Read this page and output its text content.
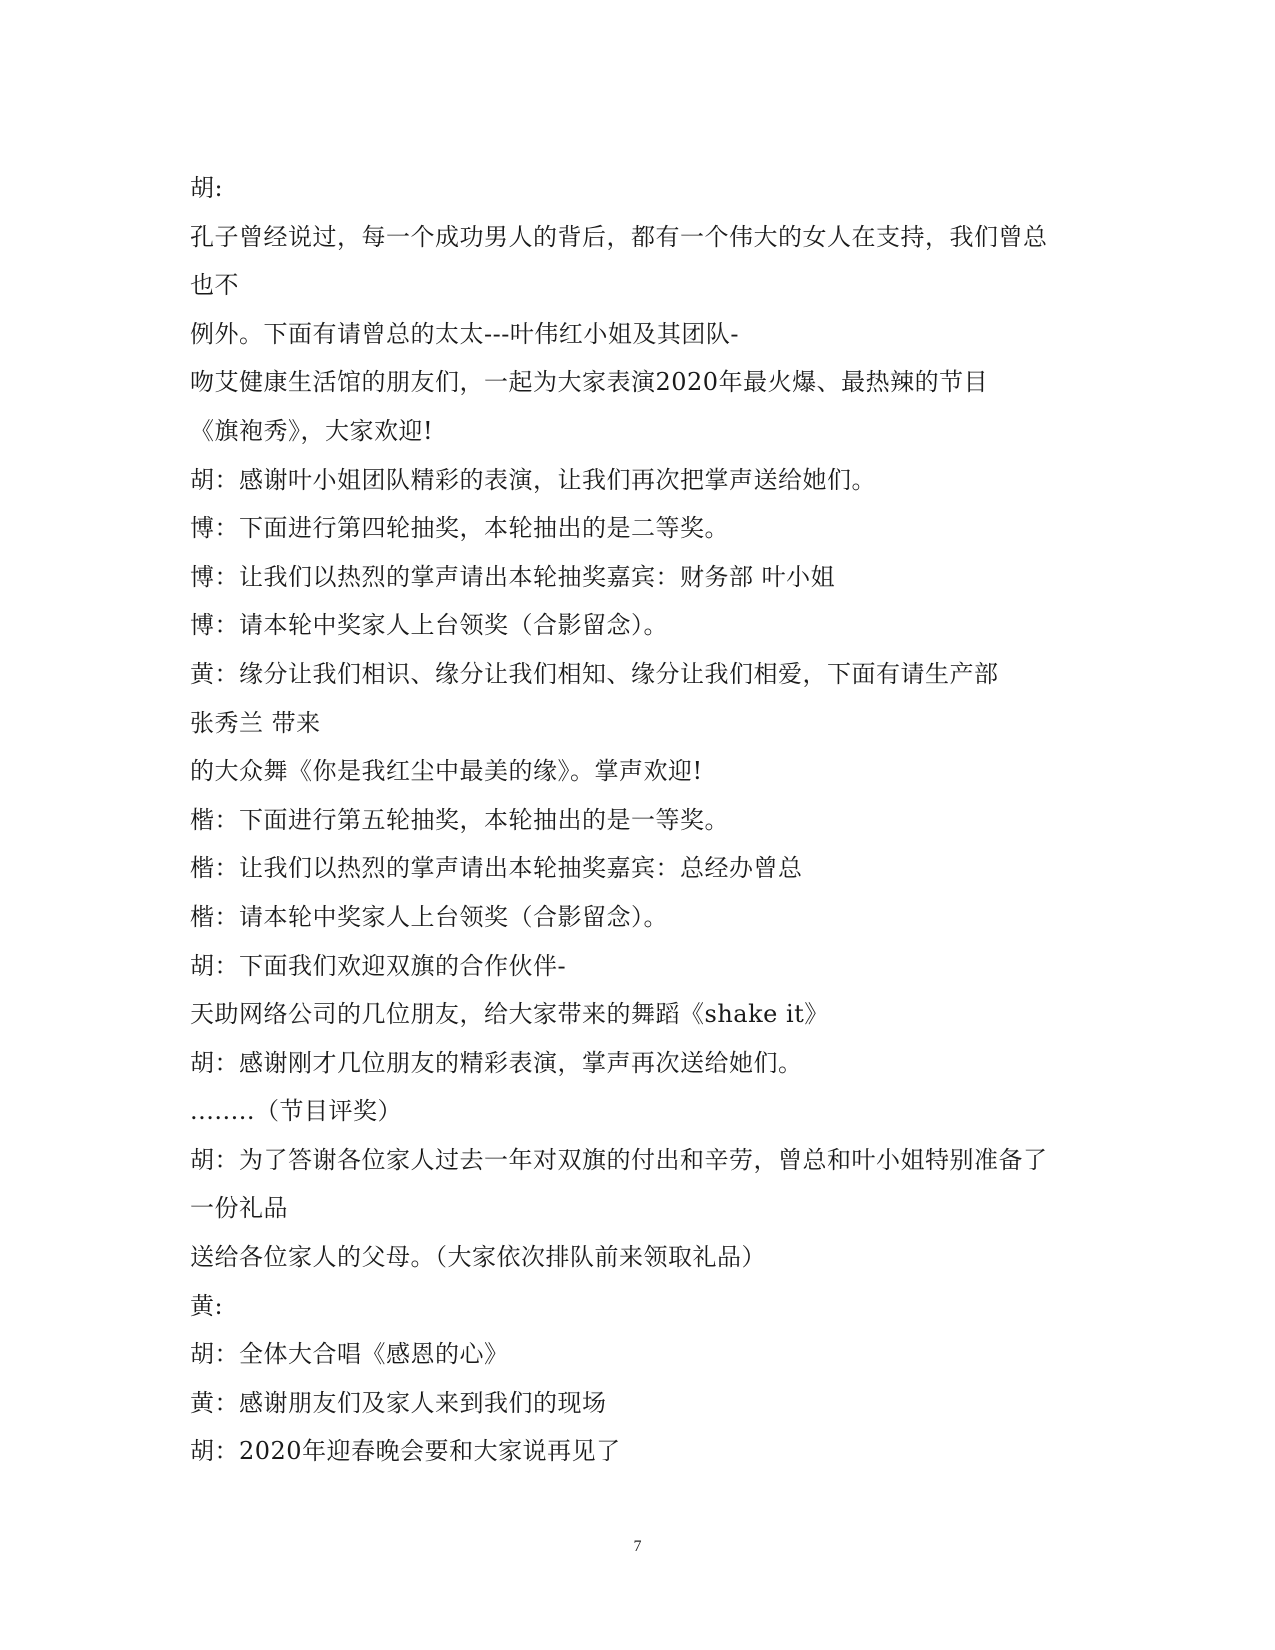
胡:
孔子曾经说过，每一个成功男人的背后，都有一个伟大的女人在支持，我们曾总
也不
例外。下面有请曾总的太太---叶伟红小姐及其团队-
吻艾健康生活馆的朋友们，一起为大家表演2020年最火爆、最热辣的节目
《旗袍秀》，大家欢迎!
胡：感谢叶小姐团队精彩的表演，让我们再次把掌声送给她们。
博：下面进行第四轮抽奖，本轮抽出的是二等奖。
博：让我们以热烈的掌声请出本轮抽奖嘉宾：财务部 叶小姐
博：请本轮中奖家人上台领奖（合影留念）。
黄：缘分让我们相识、缘分让我们相知、缘分让我们相爱，下面有请生产部
张秀兰 带来
的大众舞《你是我红尘中最美的缘》。掌声欢迎!
楷：下面进行第五轮抽奖，本轮抽出的是一等奖。
楷：让我们以热烈的掌声请出本轮抽奖嘉宾：总经办曾总
楷：请本轮中奖家人上台领奖（合影留念）。
胡：下面我们欢迎双旗的合作伙伴-
天助网络公司的几位朋友，给大家带来的舞蹈《shake it》
胡：感谢刚才几位朋友的精彩表演，掌声再次送给她们。
........（节目评奖）
胡：为了答谢各位家人过去一年对双旗的付出和辛劳，曾总和叶小姐特别准备了
一份礼品
送给各位家人的父母。（大家依次排队前来领取礼品）
黄:
胡：全体大合唱《感恩的心》
黄：感谢朋友们及家人来到我们的现场
胡：2020年迎春晚会要和大家说再见了
7
